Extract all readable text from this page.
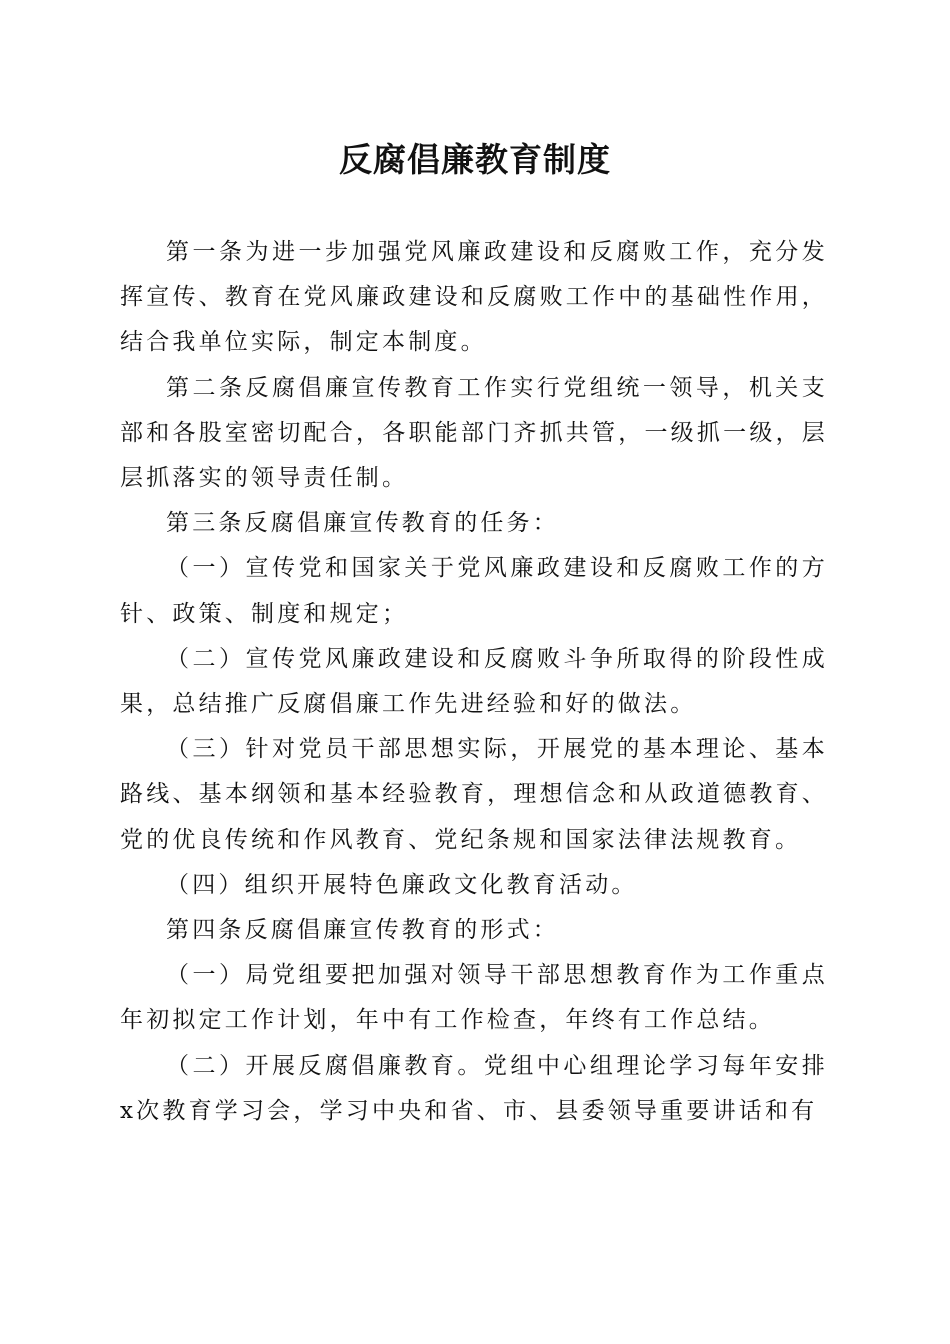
反腐倡廉教育制度

第一条为进一步加强党风廉政建设和反腐败工作，充分发挥宣传、教育在党风廉政建设和反腐败工作中的基础性作用，结合我单位实际，制定本制度。

第二条反腐倡廉宣传教育工作实行党组统一领导，机关支部和各股室密切配合，各职能部门齐抓共管，一级抓一级，层层抓落实的领导责任制。

第三条反腐倡廉宣传教育的任务：

（一）宣传党和国家关于党风廉政建设和反腐败工作的方针、政策、制度和规定；

（二）宣传党风廉政建设和反腐败斗争所取得的阶段性成果，总结推广反腐倡廉工作先进经验和好的做法。

（三）针对党员干部思想实际，开展党的基本理论、基本路线、基本纲领和基本经验教育，理想信念和从政道德教育、党的优良传统和作风教育、党纪条规和国家法律法规教育。

（四）组织开展特色廉政文化教育活动。

第四条反腐倡廉宣传教育的形式：

（一）局党组要把加强对领导干部思想教育作为工作重点年初拟定工作计划，年中有工作检查，年终有工作总结。

（二）开展反腐倡廉教育。党组中心组理论学习每年安排x次教育学习会，学习中央和省、市、县委领导重要讲话和有
